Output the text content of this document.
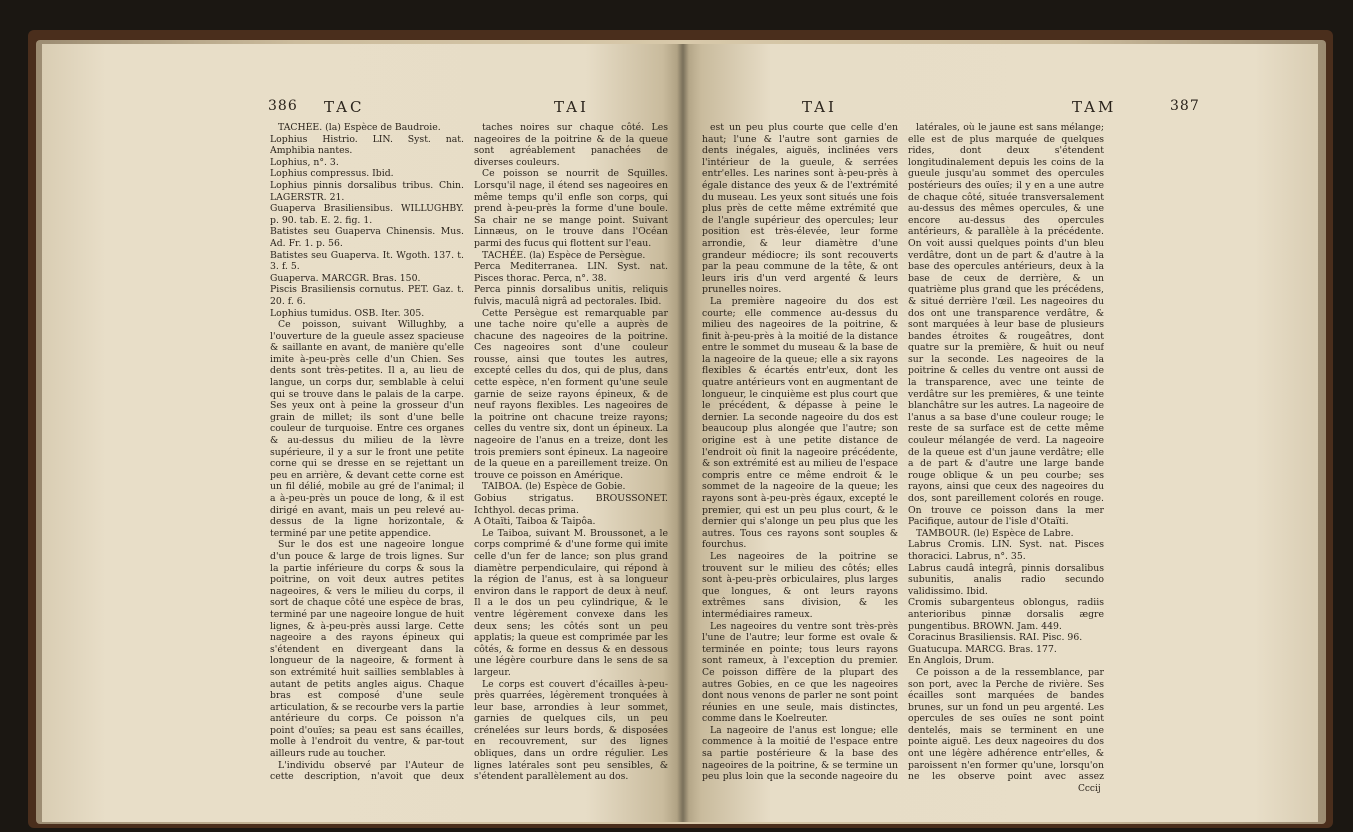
386 TAC	TAI

TACHÉE. (la) Espèce de Baudroie.

Lophius Histrio. LIN. Syst. nat. Amphibia nantes.

Lophius, n°. 3.

Lophius compressus. Ibid.

Lophius pinnis dorsalibus tribus. Chin. LAGERSTR. 21.

Guaperva Brasiliensibus. WILLUGHBY. p. 90. tab. E. 2. fig. 1.

Batistes seu Guaperva Chinensis. Mus. Ad. Fr. 1. p. 56.

Batistes seu Guaperva. It. Wgoth. 137. t. 3. f. 5.

Guaperva. MARCGR. Bras. 150.

Piscis Brasiliensis cornutus. PET. Gaz. t. 20. f. 6.

Lophius tumidus. OSB. Iter. 305.

Ce poisson, suivant Willughby, a l'ouverture de la gueule assez spacieuse & saillante en avant, de manière qu'elle imite à-peu-près celle d'un Chien. Ses dents sont très-petites. Il a, au lieu de langue, un corps dur, semblable à celui qui se trouve dans le palais de la carpe. Ses yeux ont à peine la grosseur d'un grain de millet; ils sont d'une belle couleur de turquoise. Entre ces organes & au-dessus du milieu de la lèvre supérieure, il y a sur le front une petite corne qui se dresse en se rejettant un peu en arrière, & devant cette corne est un fil délié, mobile au gré de l'animal; il a à-peu-près un pouce de long, & il est dirigé en avant, mais un peu relevé au-dessus de la ligne horizontale, & terminé par une petite appendice.

Sur le dos est une nageoire longue d'un pouce & large de trois lignes. Sur la partie inférieure du corps & sous la poitrine, on voit deux autres petites nageoires, & vers le milieu du corps, il sort de chaque côté une espèce de bras, terminé par une nageoire longue de huit lignes, & à-peu-près aussi large. Cette nageoire a des rayons épineux qui s'étendent en divergeant dans la longueur de la nageoire, & forment à son extrémité huit saillies semblables à autant de petits angles aigus. Chaque bras est composé d'une seule articulation, & se recourbe vers la partie antérieure du corps. Ce poisson n'a point d'ouïes; sa peau est sans écailles, molle à l'endroit du ventre, & par-tout ailleurs rude au toucher.

L'individu observé par l'Auteur de cette description, n'avoit que deux

taches noires sur chaque côté. Les nageoires de la poitrine & de la queue sont agréablement panachées de diverses couleurs.

Ce poisson se nourrit de Squilles. Lorsqu'il nage, il étend ses nageoires en même temps qu'il enfle son corps, qui prend à-peu-près la forme d'une boule. Sa chair ne se mange point. Suivant Linnæus, on le trouve dans l'Océan parmi des fucus qui flottent sur l'eau.

TACHÉE. (la) Espèce de Persègue.

Perca Mediterranea. LIN. Syst. nat. Pisces thorac. Perca, n°. 38.

Perca pinnis dorsalibus unitis, reliquis fulvis, maculâ nigrâ ad pectorales. Ibid.

Cette Persègue est remarquable par une tache noire qu'elle a auprès de chacune des nageoires de la poitrine. Ces nageoires sont d'une couleur rousse, ainsi que toutes les autres, excepté celles du dos, qui de plus, dans cette espèce, n'en forment qu'une seule garnie de seize rayons épineux, & de neuf rayons flexibles. Les nageoires de la poitrine ont chacune treize rayons; celles du ventre six, dont un épineux. La nageoire de l'anus en a treize, dont les trois premiers sont épineux. La nageoire de la queue en a pareillement treize. On trouve ce poisson en Amérique.

TAIBOA. (le) Espèce de Gobie.

Gobius strigatus. BROUSSONET. Ichthyol. decas prima.

A Otaïti, Taiboa & Taipôa.

Le Taiboa, suivant M. Broussonet, a le corps comprimé & d'une forme qui imite celle d'un fer de lance; son plus grand diamètre perpendiculaire, qui répond à la région de l'anus, est à sa longueur environ dans le rapport de deux à neuf. Il a le dos un peu cylindrique, & le ventre légèrement convexe dans les deux sens; les côtés sont un peu applatis; la queue est comprimée par les côtés, & forme en dessus & en dessous une légère courbure dans le sens de sa largeur.

Le corps est couvert d'écailles à-peu-près quarrées, légèrement tronquées à leur base, arrondies à leur sommet, garnies de quelques cils, un peu crénelées sur leurs bords, & disposées en recouvrement, sur des lignes obliques, dans un ordre régulier. Les lignes latérales sont peu sensibles, & s'étendent parallèlement au dos.

TAI	TAM	387

est un peu plus courte que celle d'en haut; l'une & l'autre sont garnies de dents inégales, aiguës, inclinées vers l'intérieur de la gueule, & serrées entr'elles. Les narines sont à-peu-près à égale distance des yeux & de l'extrémité du museau. Les yeux sont situés une fois plus près de cette même extrémité que de l'angle supérieur des opercules; leur position est très-élevée, leur forme arrondie, & leur diamètre d'une grandeur médiocre; ils sont recouverts par la peau commune de la tête, & ont leurs iris d'un verd argenté & leurs prunelles noires.

La première nageoire du dos est courte; elle commence au-dessus du milieu des nageoires de la poitrine, & finit à-peu-près à la moitié de la distance entre le sommet du museau & la base de la nageoire de la queue; elle a six rayons flexibles & écartés entr'eux, dont les quatre antérieurs vont en augmentant de longueur, le cinquième est plus court que le précédent, & dépasse à peine le dernier. La seconde nageoire du dos est beaucoup plus alongée que l'autre; son origine est à une petite distance de l'endroit où finit la nageoire précédente, & son extrémité est au milieu de l'espace compris entre ce même endroit & le sommet de la nageoire de la queue; les rayons sont à-peu-près égaux, excepté le premier, qui est un peu plus court, & le dernier qui s'alonge un peu plus que les autres. Tous ces rayons sont souples & fourchus.

Les nageoires de la poitrine se trouvent sur le milieu des côtés; elles sont à-peu-près orbiculaires, plus larges que longues, & ont leurs rayons extrêmes sans division, & les intermédiaires rameux.

Les nageoires du ventre sont très-près l'une de l'autre; leur forme est ovale & terminée en pointe; tous leurs rayons sont rameux, à l'exception du premier. Ce poisson diffère de la plupart des autres Gobies, en ce que les nageoires dont nous venons de parler ne sont point réunies en une seule, mais distinctes, comme dans le Koelreuter.

La nageoire de l'anus est longue; elle commence à la moitié de l'espace entre sa partie postérieure & la base des nageoires de la poitrine, & se termine un peu plus loin que la seconde nageoire du

latérales, où le jaune est sans mélange; elle est de plus marquée de quelques rides, dont deux s'étendent longitudinalement depuis les coins de la gueule jusqu'au sommet des opercules postérieurs des ouïes; il y en a une autre de chaque côté, située transversalement au-dessus des mêmes opercules, & une encore au-dessus des opercules antérieurs, & parallèle à la précédente. On voit aussi quelques points d'un bleu verdâtre, dont un de part & d'autre à la base des opercules antérieurs, deux à la base de ceux de derrière, & un quatrième plus grand que les précédens, & situé derrière l'œil. Les nageoires du dos ont une transparence verdâtre, & sont marquées à leur base de plusieurs bandes étroites & rougeâtres, dont quatre sur la première, & huit ou neuf sur la seconde. Les nageoires de la poitrine & celles du ventre ont aussi de la transparence, avec une teinte de verdâtre sur les premières, & une teinte blanchâtre sur les autres. La nageoire de l'anus a sa base d'une couleur rouge; le reste de sa surface est de cette même couleur mélangée de verd. La nageoire de la queue est d'un jaune verdâtre; elle a de part & d'autre une large bande rouge oblique & un peu courbe; ses rayons, ainsi que ceux des nageoires du dos, sont pareillement colorés en rouge. On trouve ce poisson dans la mer Pacifique, autour de l'isle d'Otaïti.

TAMBOUR. (le) Espèce de Labre.

Labrus Cromis. LIN. Syst. nat. Pisces thoracici. Labrus, n°. 35.

Labrus caudâ integrâ, pinnis dorsalibus subunitis, analis radio secundo validissimo. Ibid.

Cromis subargenteus oblongus, radiis anterioribus pinnæ dorsalis ægre pungentibus. BROWN. Jam. 449.

Coracinus Brasiliensis. RAI. Pisc. 96.

Guatucupa. MARCG. Bras. 177.

En Anglois, Drum.

Ce poisson a de la ressemblance, par son port, avec la Perche de rivière. Ses écailles sont marquées de bandes brunes, sur un fond un peu argenté. Les opercules de ses ouïes ne sont point dentelés, mais se terminent en une pointe aiguë. Les deux nageoires du dos ont une légère adhérence entr'elles, & paroissent n'en former qu'une, lorsqu'on ne les observe point avec assez

Cccij
